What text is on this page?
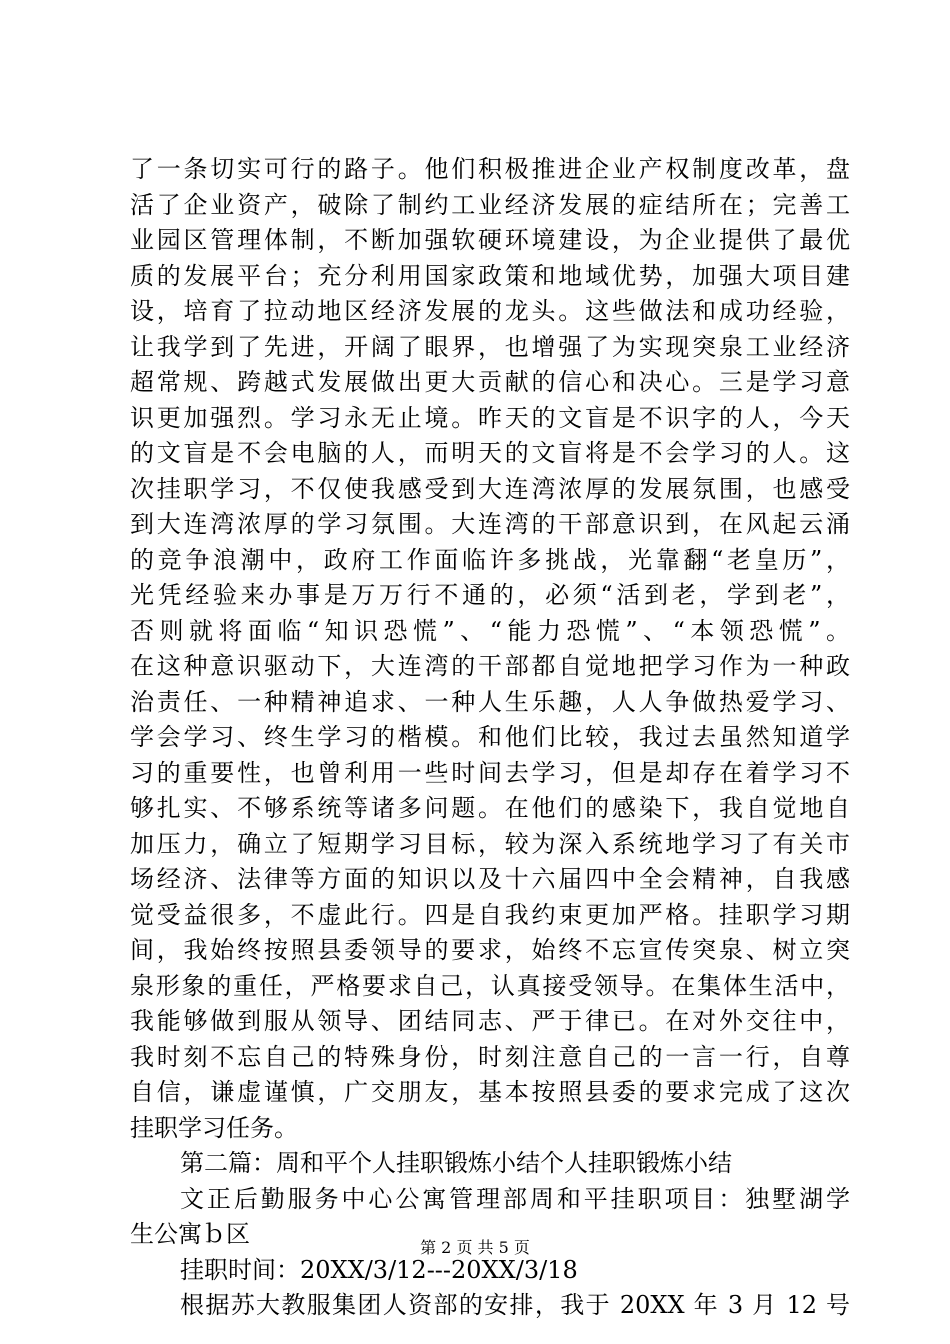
了一条切实可行的路子。他们积极推进企业产权制度改革，盘
活了企业资产，破除了制约工业经济发展的症结所在；完善工
业园区管理体制，不断加强软硬环境建设，为企业提供了最优
质的发展平台；充分利用国家政策和地域优势，加强大项目建
设，培育了拉动地区经济发展的龙头。这些做法和成功经验，
让我学到了先进，开阔了眼界，也增强了为实现突泉工业经济
超常规、跨越式发展做出更大贡献的信心和决心。三是学习意
识更加强烈。学习永无止境。昨天的文盲是不识字的人，今天
的文盲是不会电脑的人，而明天的文盲将是不会学习的人。这
次挂职学习，不仅使我感受到大连湾浓厚的发展氛围，也感受
到大连湾浓厚的学习氛围。大连湾的干部意识到，在风起云涌
的竞争浪潮中，政府工作面临许多挑战，光靠翻“老皇历”，
光凭经验来办事是万万行不通的，必须“活到老，学到老”，
否则就将面临“知识恐慌”、“能力恐慌”、“本领恐慌”。
在这种意识驱动下，大连湾的干部都自觉地把学习作为一种政
治责任、一种精神追求、一种人生乐趣，人人争做热爱学习、
学会学习、终生学习的楷模。和他们比较，我过去虽然知道学
习的重要性，也曾利用一些时间去学习，但是却存在着学习不
够扎实、不够系统等诸多问题。在他们的感染下，我自觉地自
加压力，确立了短期学习目标，较为深入系统地学习了有关市
场经济、法律等方面的知识以及十六届四中全会精神，自我感
觉受益很多，不虚此行。四是自我约束更加严格。挂职学习期
间，我始终按照县委领导的要求，始终不忘宣传突泉、树立突
泉形象的重任，严格要求自己，认真接受领导。在集体生活中，
我能够做到服从领导、团结同志、严于律已。在对外交往中，
我时刻不忘自己的特殊身份，时刻注意自己的一言一行，自尊
自信，谦虚谨慎，广交朋友，基本按照县委的要求完成了这次
挂职学习任务。
第二篇：周和平个人挂职锻炼小结个人挂职锻炼小结
文正后勤服务中心公寓管理部周和平挂职项目：独墅湖学
生公寓ｂ区
挂职时间：20XX/3/12---20XX/3/18
根据苏大教服集团人资部的安排，我于 20XX 年 3 月 12 号
第 2 页 共 5 页
